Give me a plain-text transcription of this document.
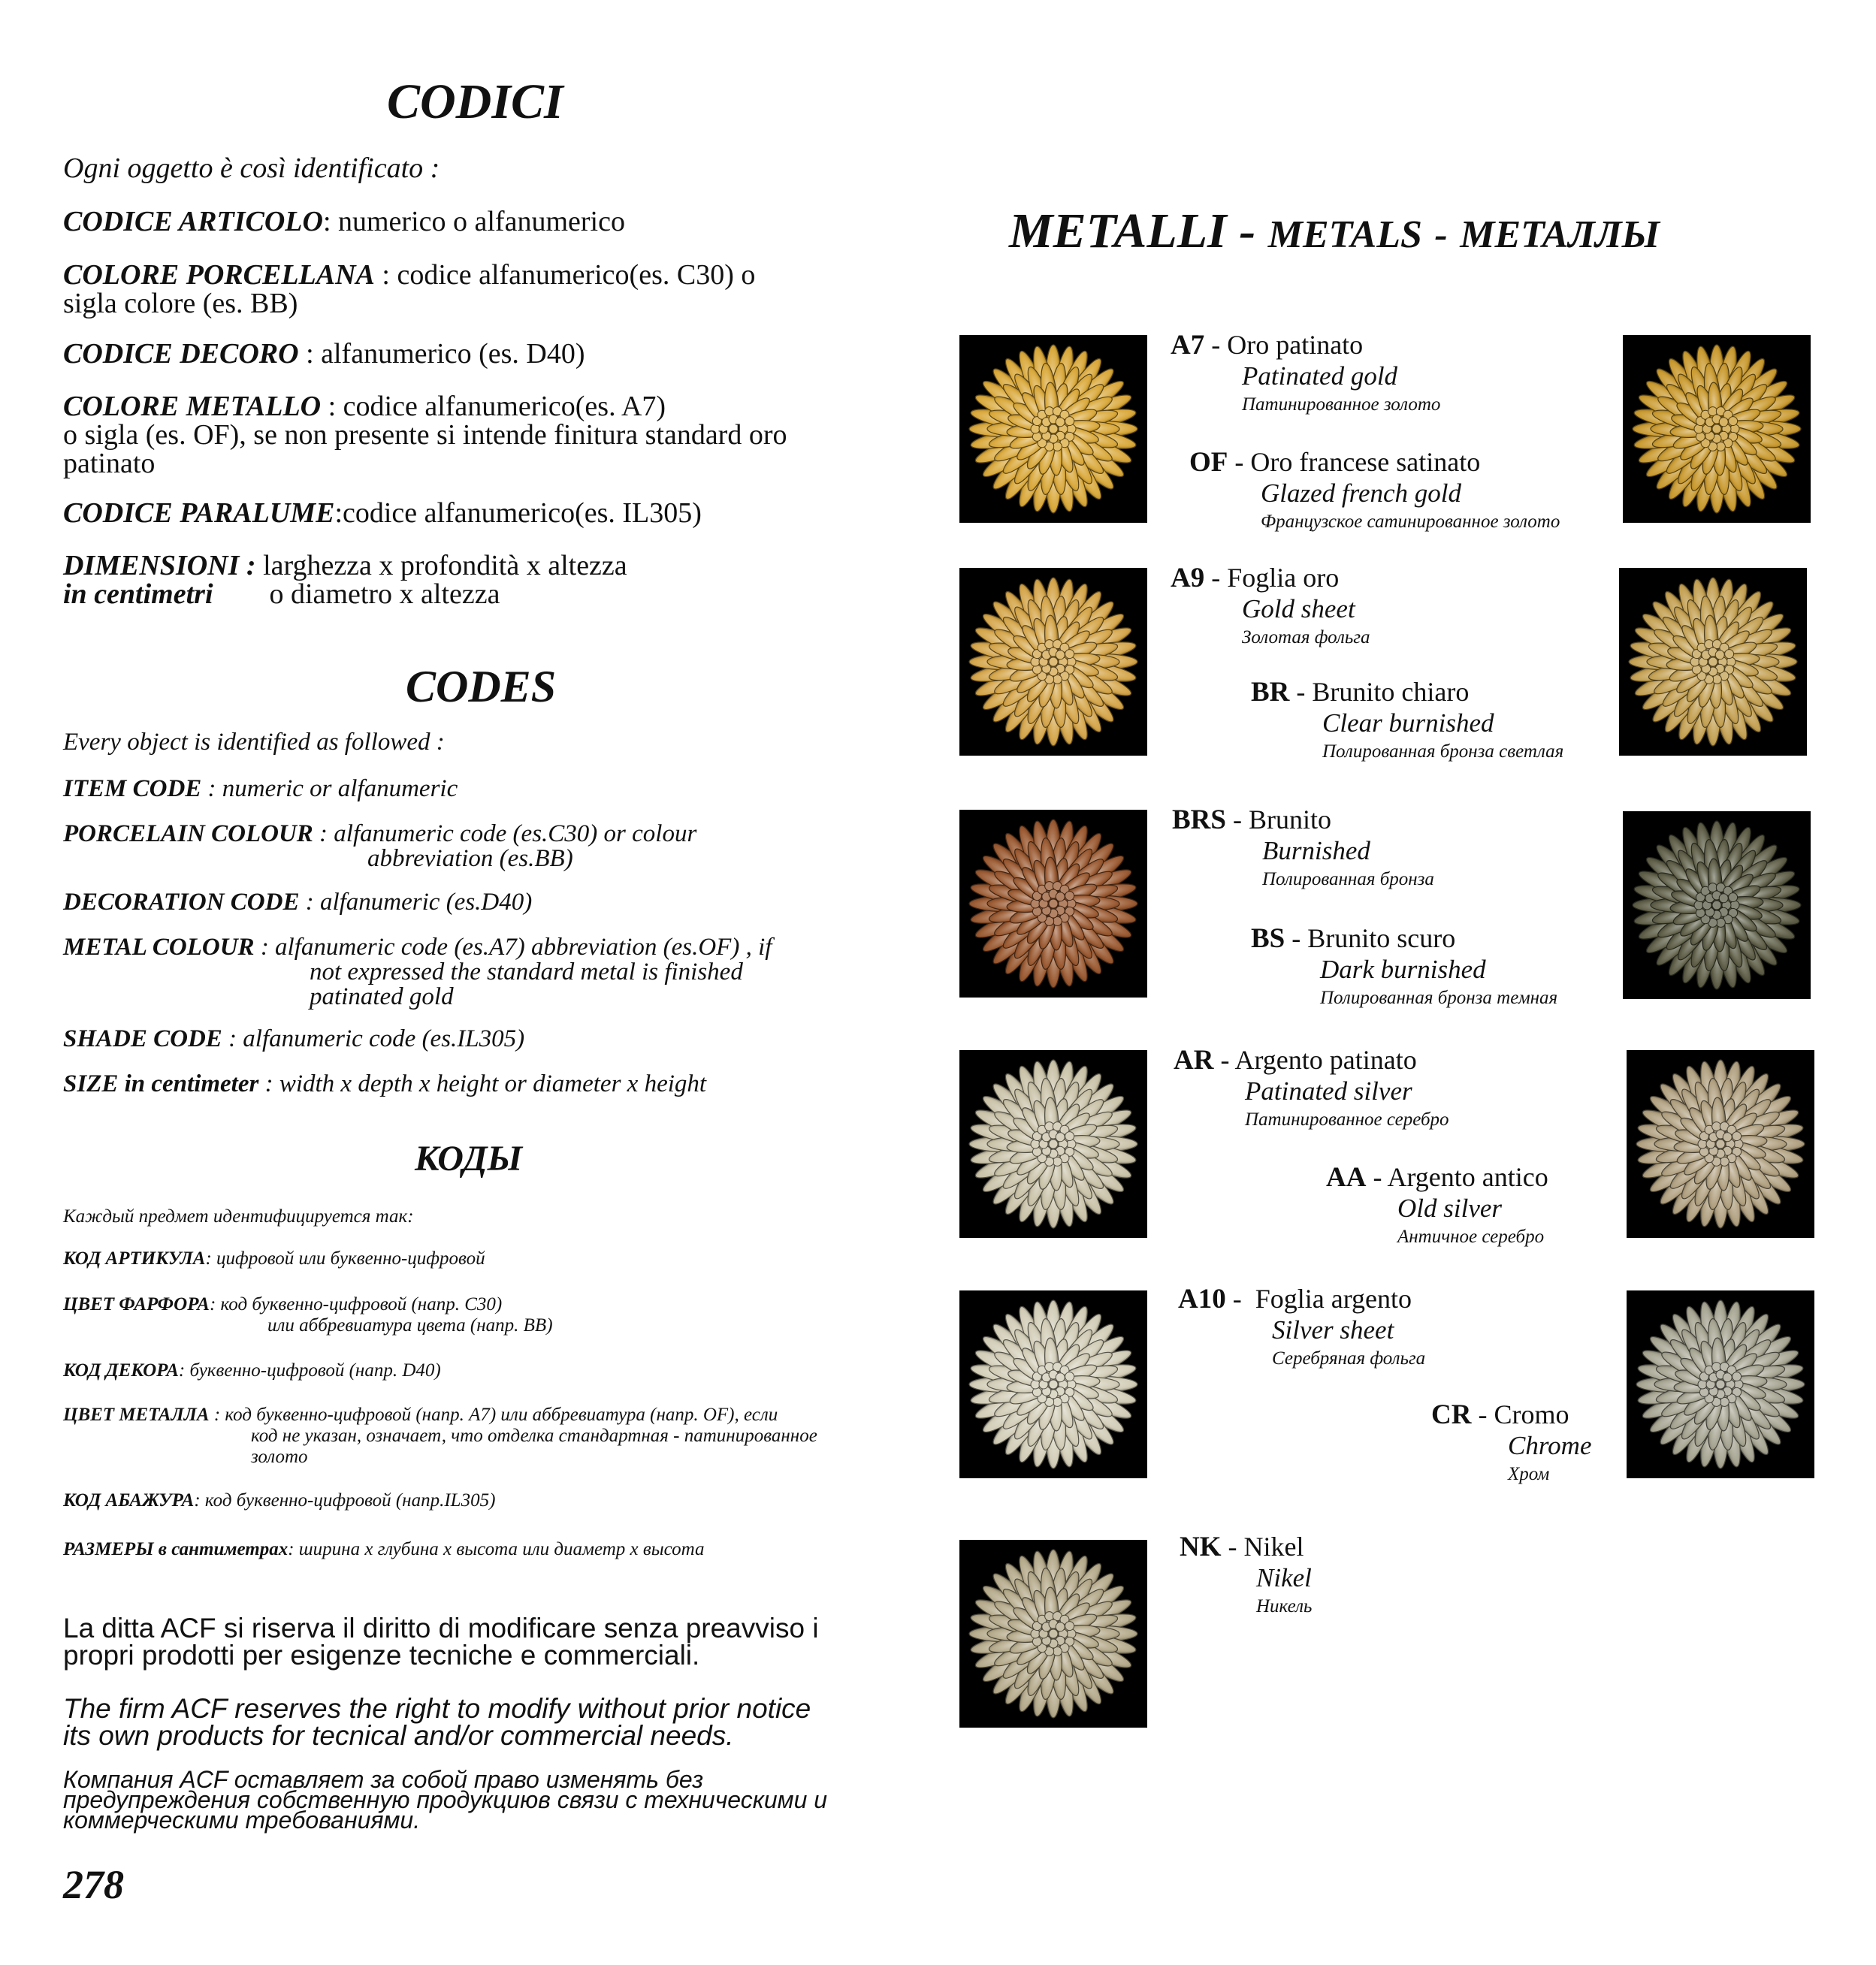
CODICI
Ogni oggetto è così identificato :
CODICE ARTICOLO: numerico o alfanumerico
COLORE PORCELLANA : codice alfanumerico(es. C30) o
sigla colore (es. BB)
CODICE DECORO : alfanumerico (es. D40)
COLORE METALLO : codice alfanumerico(es. A7)
o sigla (es. OF), se non presente si intende finitura standard oro
patinato
CODICE PARALUME:codice alfanumerico(es. IL305)
DIMENSIONI : larghezza x profondità x altezza
in centimetri o diametro x altezza
CODES
Every object is identified as followed :
ITEM CODE : numeric or alfanumeric
PORCELAIN COLOUR : alfanumeric code (es.C30) or colour
abbreviation (es.BB)
DECORATION CODE : alfanumeric (es.D40)
METAL COLOUR : alfanumeric code (es.A7) abbreviation (es.OF) , if
not expressed the standard metal is finished
patinated gold
SHADE CODE : alfanumeric code (es.IL305)
SIZE in centimeter : width x depth x height or diameter x height
КОДЫ
Каждый предмет идентифицируется так:
КОД АРТИКУЛА: цифровой или буквенно-цифровой
ЦВЕТ ФАРФОРА: код буквенно-цифровой (напр. С30)
или аббревиатура цвета (напр. ВВ)
КОД ДЕКОРА: буквенно-цифровой (напр. D40)
ЦВЕТ МЕТАЛЛА : код буквенно-цифровой (напр. А7) или аббревиатура (напр. OF), если
код не указан, означает, что отделка стандартная - патинированное
золото
КОД АБАЖУРА: код буквенно-цифровой (напр.IL305)
РАЗМЕРЫ в сантиметрах: ширина х глубина х высота или диаметр х высота
La ditta ACF si riserva il diritto di modificare senza preavviso i
propri prodotti per esigenze tecniche e commerciali.
The firm ACF reserves the right to modify without prior notice
its own products for tecnical and/or commercial needs.
Компания ACF оставляет за собой право изменять без
предупреждения собственную продукциюв связи с техническими и
коммерческими требованиями.
278
METALLI - METALS - МЕТАЛЛЫ
A7 - Oro patinato
Patinated gold
Патинированное золото
OF - Oro francese satinato
Glazed french gold
Французское сатинированное золото
A9 - Foglia oro
Gold sheet
Золотая фольга
BR - Brunito chiaro
Clear burnished
Полированная бронза светлая
BRS - Brunito
Burnished
Полированная бронза
BS - Brunito scuro
Dark burnished
Полированная бронза темная
AR - Argento patinato
Patinated silver
Патинированное серебро
AA - Argento antico
Old silver
Античное серебро
A10 -  Foglia argento
Silver sheet
Серебряная фольга
CR - Cromo
Chrome
Хром
NK - Nikel
Nikel
Никель
